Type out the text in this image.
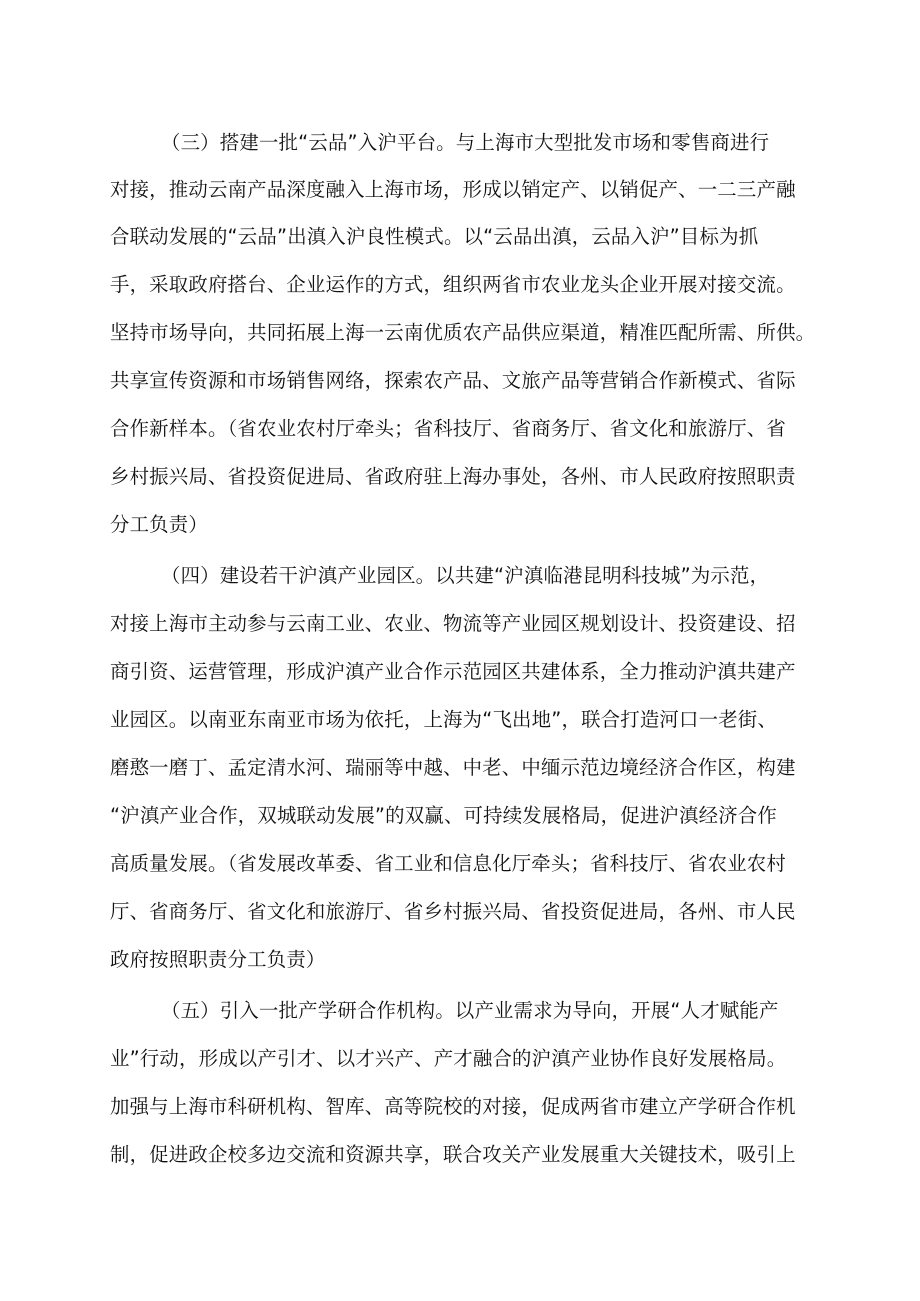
（三）搭建一批“云品”入沪平台。与上海市大型批发市场和零售商进行
对接，推动云南产品深度融入上海市场，形成以销定产、以销促产、一二三产融
合联动发展的“云品”出滇入沪良性模式。以“云品出滇，云品入沪”目标为抓
手，采取政府搭台、企业运作的方式，组织两省市农业龙头企业开展对接交流。
坚持市场导向，共同拓展上海一云南优质农产品供应渠道，精准匹配所需、所供。
共享宣传资源和市场销售网络，探索农产品、文旅产品等营销合作新模式、省际
合作新样本。（省农业农村厅牵头；省科技厅、省商务厅、省文化和旅游厅、省
乡村振兴局、省投资促进局、省政府驻上海办事处，各州、市人民政府按照职责
分工负责）
（四）建设若干沪滇产业园区。以共建“沪滇临港昆明科技城”为示范，
对接上海市主动参与云南工业、农业、物流等产业园区规划设计、投资建设、招
商引资、运营管理，形成沪滇产业合作示范园区共建体系，全力推动沪滇共建产
业园区。以南亚东南亚市场为依托，上海为“飞出地”，联合打造河口一老街、
磨憨一磨丁、孟定清水河、瑞丽等中越、中老、中缅示范边境经济合作区，构建
“沪滇产业合作，双城联动发展”的双赢、可持续发展格局，促进沪滇经济合作
高质量发展。（省发展改革委、省工业和信息化厅牵头；省科技厅、省农业农村
厅、省商务厅、省文化和旅游厅、省乡村振兴局、省投资促进局，各州、市人民
政府按照职责分工负责）
（五）引入一批产学研合作机构。以产业需求为导向，开展“人才赋能产
业”行动，形成以产引才、以才兴产、产才融合的沪滇产业协作良好发展格局。
加强与上海市科研机构、智库、高等院校的对接，促成两省市建立产学研合作机
制，促进政企校多边交流和资源共享，联合攻关产业发展重大关键技术，吸引上
